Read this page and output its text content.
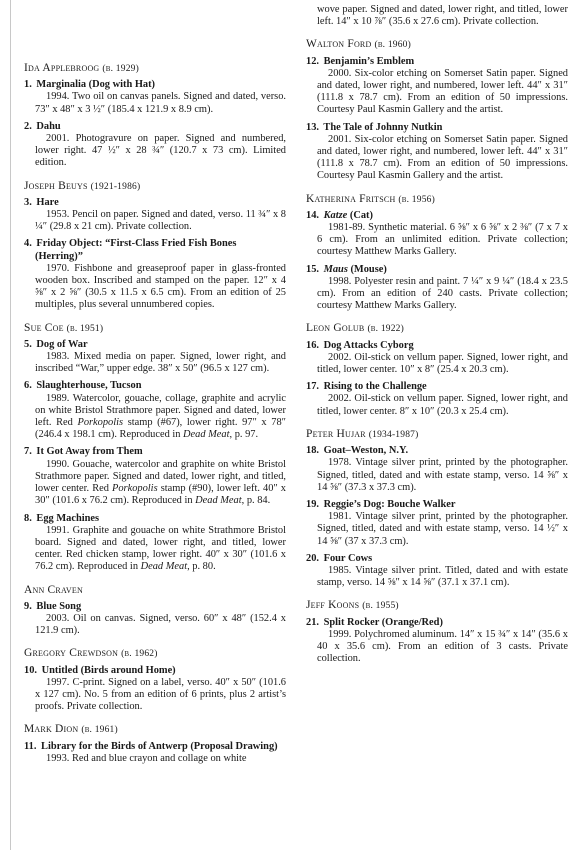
Ida Applebroog (b. 1929)
1. Marginalia (Dog with Hat)
1994. Two oil on canvas panels. Signed and dated, verso. 73″ x 48″ x 3 ½″ (185.4 x 121.9 x 8.9 cm).
2. Dahu
2001. Photogravure on paper. Signed and numbered, lower right. 47 ½″ x 28 ¾″ (120.7 x 73 cm). Limited edition.
Joseph Beuys (1921-1986)
3. Hare
1953. Pencil on paper. Signed and dated, verso. 11 ¾″ x 8 ¼″ (29.8 x 21 cm). Private collection.
4. Friday Object: “First-Class Fried Fish Bones (Herring)”
1970. Fishbone and greaseproof paper in glass-fronted wooden box. Inscribed and stamped on the paper. 12″ x 4 ⅝″ x 2 ⅝″ (30.5 x 11.5 x 6.5 cm). From an edition of 25 multiples, plus several unnumbered copies.
Sue Coe (b. 1951)
5. Dog of War
1983. Mixed media on paper. Signed, lower right, and inscribed “War,” upper edge. 38″ x 50″ (96.5 x 127 cm).
6. Slaughterhouse, Tucson
1989. Watercolor, gouache, collage, graphite and acrylic on white Bristol Strathmore paper. Signed and dated, lower left. Red Porkopolis stamp (#67), lower right. 97″ x 78″ (246.4 x 198.1 cm). Reproduced in Dead Meat, p. 97.
7. It Got Away from Them
1990. Gouache, watercolor and graphite on white Bristol Strathmore paper. Signed and dated, lower right, and titled, lower center. Red Porkopolis stamp (#90), lower left. 40″ x 30″ (101.6 x 76.2 cm). Reproduced in Dead Meat, p. 84.
8. Egg Machines
1991. Graphite and gouache on white Strathmore Bristol board. Signed and dated, lower right, and titled, lower center. Red chicken stamp, lower right. 40″ x 30″ (101.6 x 76.2 cm). Reproduced in Dead Meat, p. 80.
Ann Craven
9. Blue Song
2003. Oil on canvas. Signed, verso. 60″ x 48″ (152.4 x 121.9 cm).
Gregory Crewdson (b. 1962)
10. Untitled (Birds around Home)
1997. C-print. Signed on a label, verso. 40″ x 50″ (101.6 x 127 cm). No. 5 from an edition of 6 prints, plus 2 artist’s proofs. Private collection.
Mark Dion (b. 1961)
11. Library for the Birds of Antwerp (Proposal Drawing)
1993. Red and blue crayon and collage on white
wove paper. Signed and dated, lower right, and titled, lower left. 14″ x 10 ⅞″ (35.6 x 27.6 cm). Private collection.
Walton Ford (b. 1960)
12. Benjamin’s Emblem
2000. Six-color etching on Somerset Satin paper. Signed and dated, lower right, and numbered, lower left. 44″ x 31″ (111.8 x 78.7 cm). From an edition of 50 impressions. Courtesy Paul Kasmin Gallery and the artist.
13. The Tale of Johnny Nutkin
2001. Six-color etching on Somerset Satin paper. Signed and dated, lower right, and numbered, lower left. 44″ x 31″ (111.8 x 78.7 cm). From an edition of 50 impressions. Courtesy Paul Kasmin Gallery and the artist.
Katherina Fritsch (b. 1956)
14. Katze (Cat)
1981-89. Synthetic material. 6 ⅝″ x 6 ⅝″ x 2 ⅜″ (7 x 7 x 6 cm). From an unlimited edition. Private collection; courtesy Matthew Marks Gallery.
15. Maus (Mouse)
1998. Polyester resin and paint. 7 ¼″ x 9 ¼″ (18.4 x 23.5 cm). From an edition of 240 casts. Private collection; courtesy Matthew Marks Gallery.
Leon Golub (b. 1922)
16. Dog Attacks Cyborg
2002. Oil-stick on vellum paper. Signed, lower right, and titled, lower center. 10″ x 8″ (25.4 x 20.3 cm).
17. Rising to the Challenge
2002. Oil-stick on vellum paper. Signed, lower right, and titled, lower center. 8″ x 10″ (20.3 x 25.4 cm).
Peter Hujar (1934-1987)
18. Goat–Weston, N.Y.
1978. Vintage silver print, printed by the photographer. Signed, titled, dated and with estate stamp, verso. 14 ⅝″ x 14 ⅝″ (37.3 x 37.3 cm).
19. Reggie’s Dog: Bouche Walker
1981. Vintage silver print, printed by the photographer. Signed, titled, dated and with estate stamp, verso. 14 ½″ x 14 ⅝″ (37 x 37.3 cm).
20. Four Cows
1985. Vintage silver print. Titled, dated and with estate stamp, verso. 14 ⅝″ x 14 ⅝″ (37.1 x 37.1 cm).
Jeff Koons (b. 1955)
21. Split Rocker (Orange/Red)
1999. Polychromed aluminum. 14″ x 15 ¾″ x 14″ (35.6 x 40 x 35.6 cm). From an edition of 3 casts. Private collection.
